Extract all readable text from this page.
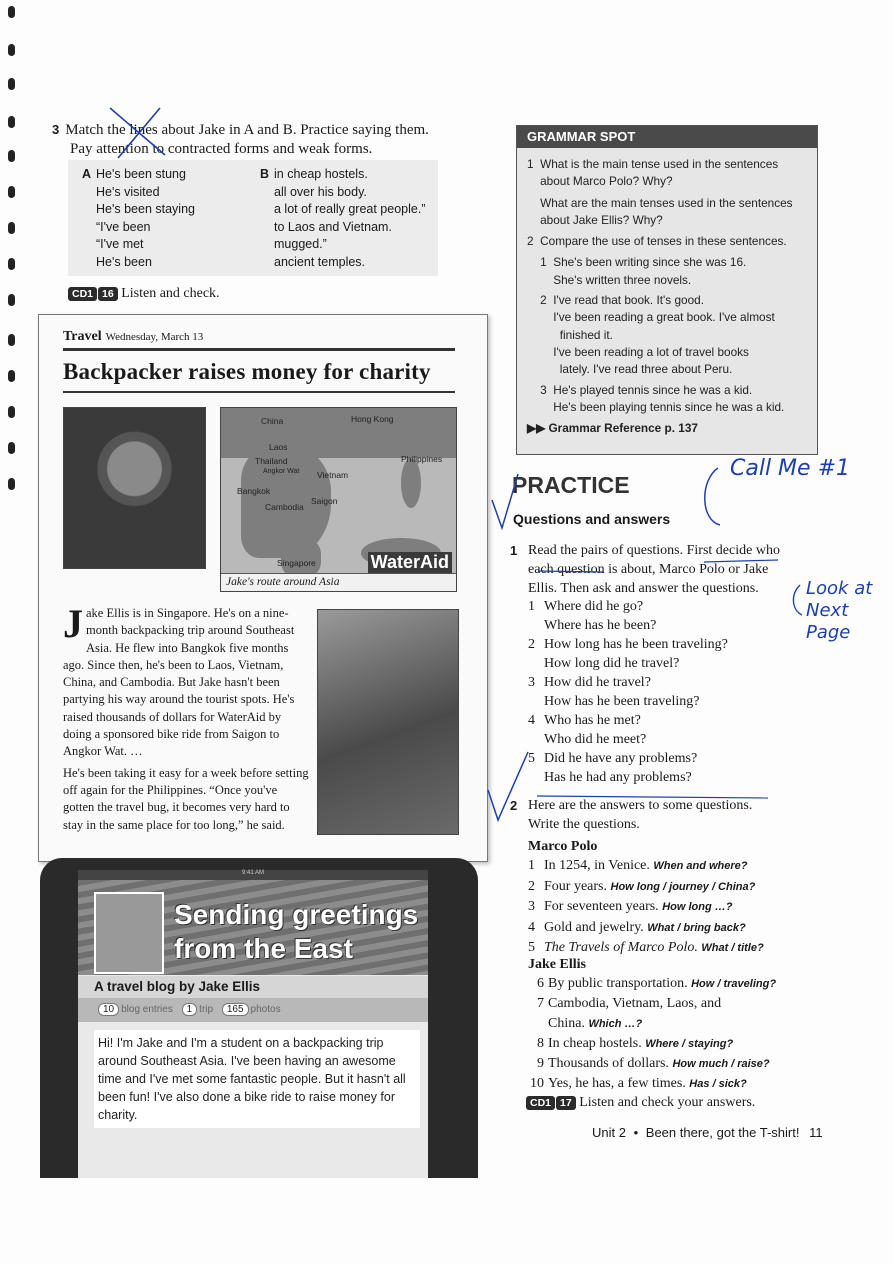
3 Match the lines about Jake in A and B. Practice saying them.
Pay attention to contracted forms and weak forms.
A He's been stung
He's visited
He's been staying
“I've been
“I've met
He's been
B in cheap hostels.
all over his body.
a lot of really great people.”
to Laos and Vietnam.
mugged.”
ancient temples.
CD1 16 Listen and check.
Travel Wednesday, March 13
Backpacker raises money for charity
China	Hong Kong
Laos
Thailand
Angkor Wat Vietnam
Philippines
Bangkok
Saigon
Cambodia
Singapore	WaterAid
Jake's route around Asia

Jake Ellis is in Singapore. He's on a nine-month backpacking trip around Southeast Asia. He flew into Bangkok five months ago. Since then, he's been to Laos, Vietnam, China, and Cambodia. But Jake hasn't been partying his way around the tourist spots. He's raised thousands of dollars for WaterAid by doing a sponsored bike ride from Saigon to Angkor Wat. …

He's been taking it easy for a week before setting off again for the Philippines. “Once you've gotten the travel bug, it becomes very hard to stay in the same place for too long,” he said.

9:41 AM
Sending greetings from the East
A travel blog by Jake Ellis
10 blog entries 1 trip 165 photos
Hi! I'm Jake and I'm a student on a backpacking trip around Southeast Asia. I've been having an awesome time and I've met some fantastic people. But it hasn't all been fun! I've also done a bike ride to raise money for charity.
GRAMMAR SPOT
1  What is the main tense used in the sentences
about Marco Polo? Why?
What are the main tenses used in the sentences
about Jake Ellis? Why?
2  Compare the use of tenses in these sentences.
1  She's been writing since she was 16.
She's written three novels.
2  I've read that book. It's good.
I've been reading a great book. I've almost
finished it.
I've been reading a lot of travel books
lately. I've read three about Peru.
3  He's played tennis since he was a kid.
He's been playing tennis since he was a kid.
▶▶ Grammar Reference p. 137
PRACTICE
Questions and answers
1 Read the pairs of questions. First decide who
each question is about, Marco Polo or Jake
Ellis. Then ask and answer the questions.
1 Where did he go?
Where has he been?
2 How long has he been traveling?
How long did he travel?
3 How did he travel?
How has he been traveling?
4 Who has he met?
Who did he meet?
5 Did he have any problems?
Has he had any problems?
2 Here are the answers to some questions.
Write the questions.
Marco Polo
1 In 1254, in Venice. When and where?
2 Four years. How long / journey / China?
3 For seventeen years. How long …?
4 Gold and jewelry. What / bring back?
5 The Travels of Marco Polo. What / title?
Jake Ellis
6 By public transportation. How / traveling?
7 Cambodia, Vietnam, Laos, and
China. Which …?
8 In cheap hostels. Where / staying?
9 Thousands of dollars. How much / raise?
10 Yes, he has, a few times. Has / sick?
CD1 17 Listen and check your answers.
Unit 2 • Been there, got the T-shirt! 11
Call Me #1
Look at Next Page
